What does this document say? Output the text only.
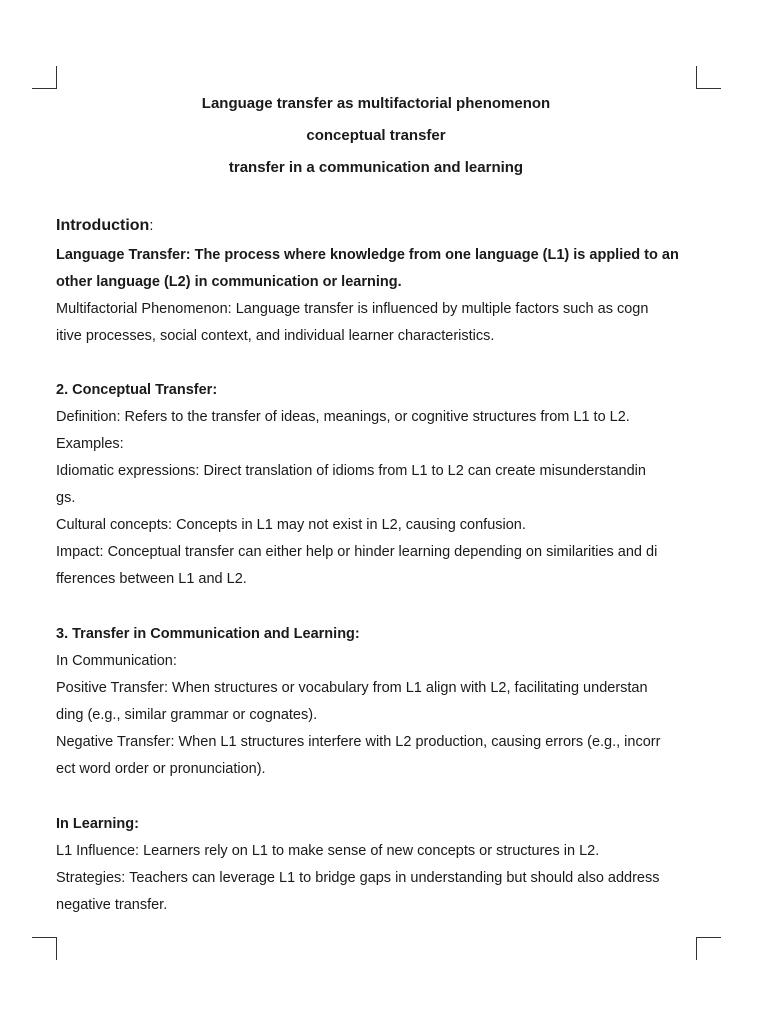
Language transfer as multifactorial phenomenon
conceptual transfer
transfer in a communication and learning
Introduction:
Language Transfer: The process where knowledge from one language (L1) is applied to an
other language (L2) in communication or learning.
Multifactorial Phenomenon: Language transfer is influenced by multiple factors such as cogn
itive processes, social context, and individual learner characteristics.
2. Conceptual Transfer:
Definition: Refers to the transfer of ideas, meanings, or cognitive structures from L1 to L2.
Examples:
Idiomatic expressions: Direct translation of idioms from L1 to L2 can create misunderstandin
gs.
Cultural concepts: Concepts in L1 may not exist in L2, causing confusion.
Impact: Conceptual transfer can either help or hinder learning depending on similarities and di
fferences between L1 and L2.
3. Transfer in Communication and Learning:
In Communication:
Positive Transfer: When structures or vocabulary from L1 align with L2, facilitating understan
ding (e.g., similar grammar or cognates).
Negative Transfer: When L1 structures interfere with L2 production, causing errors (e.g., incorr
ect word order or pronunciation).
In Learning:
L1 Influence: Learners rely on L1 to make sense of new concepts or structures in L2.
Strategies: Teachers can leverage L1 to bridge gaps in understanding but should also address
negative transfer.
